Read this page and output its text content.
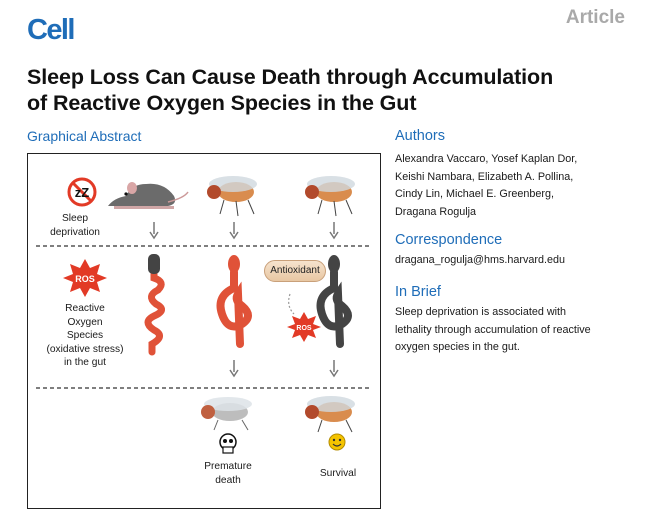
Cell	Article
Sleep Loss Can Cause Death through Accumulation
of Reactive Oxygen Species in the Gut
Graphical Abstract	Authors
Alexandra Vaccaro, Yosef Kaplan Dor,
Keishi Nambara, Elizabeth A. Pollina,
Cindy Lin, Michael E. Greenberg,
Dragana Rogulja
Correspondence
dragana_rogulja@hms.harvard.edu
In Brief
Sleep deprivation is associated with
lethality through accumulation of reactive
oxygen species in the gut.
zZ
ROS
ROS
Sleep
deprivation
Reactive
Oxygen
Species
(oxidative stress)
in the gut
Antioxidant
Premature
death
Survival
